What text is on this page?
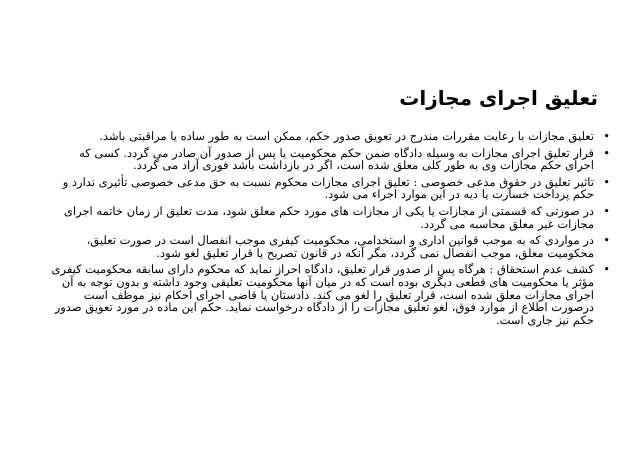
تعلیق اجرای مجازات
•
تعلیق مجازات با رعایت مقررات مندرج در تعویق صدور حکم، ممکن است به طور ساده یا مراقبتی باشد.
•
قرار تعلیق اجرای مجازات به وسیله دادگاه ضمن حکم محکومیت یا پس از صدور آن صادر می گردد. کسی که اجرای حکم مجازات وی به طور کلی معلق شده است، اگر در بازداشت باشد فوری آزاد می گردد.
•
تاثیر تعلیق در حقوق مدعی خصوصی : تعلیق اجرای مجازات محکوم نسبت به حق مدعی خصوصی تأثیری ندارد و حکم پرداخت خسارت یا دیه در این موارد اجراء می شود.
•
در صورتی که قسمتی از مجازات یا یکی از مجازات های مورد حکم معلق شود، مدت تعلیق از زمان خاتمه اجرای مجازات غیر معلق محاسبه می گردد.
•
در مواردی که به موجب قوانین اداری و استخدامی، محکومیت کیفری موجب انفصال است در صورت تعلیق، محکومیت معلق، موجب انفصال نمی گردد، مگر آنکه در قانون تصریح یا قرار تعلیق لغو شود.
•
کشف عدم استحقاق : هرگاه پس از صدور قرار تعلیق، دادگاه احراز نماید که محکوم دارای سابقه محکومیت کیفری مؤثر یا محکومیت های قطعی دیگری بوده است که در میان آنها محکومیت تعلیقی وجود داشته و بدون توجه به آن اجرای مجازات معلق شده است، قرار تعلیق را لغو می کند. دادستان یا قاضی اجرای احکام نیز موظف است درصورت اطلاع از موارد فوق، لغو تعلیق مجازات را از دادگاه درخواست نماید. حکم این ماده در مورد تعویق صدور حکم نیز جاری است.
